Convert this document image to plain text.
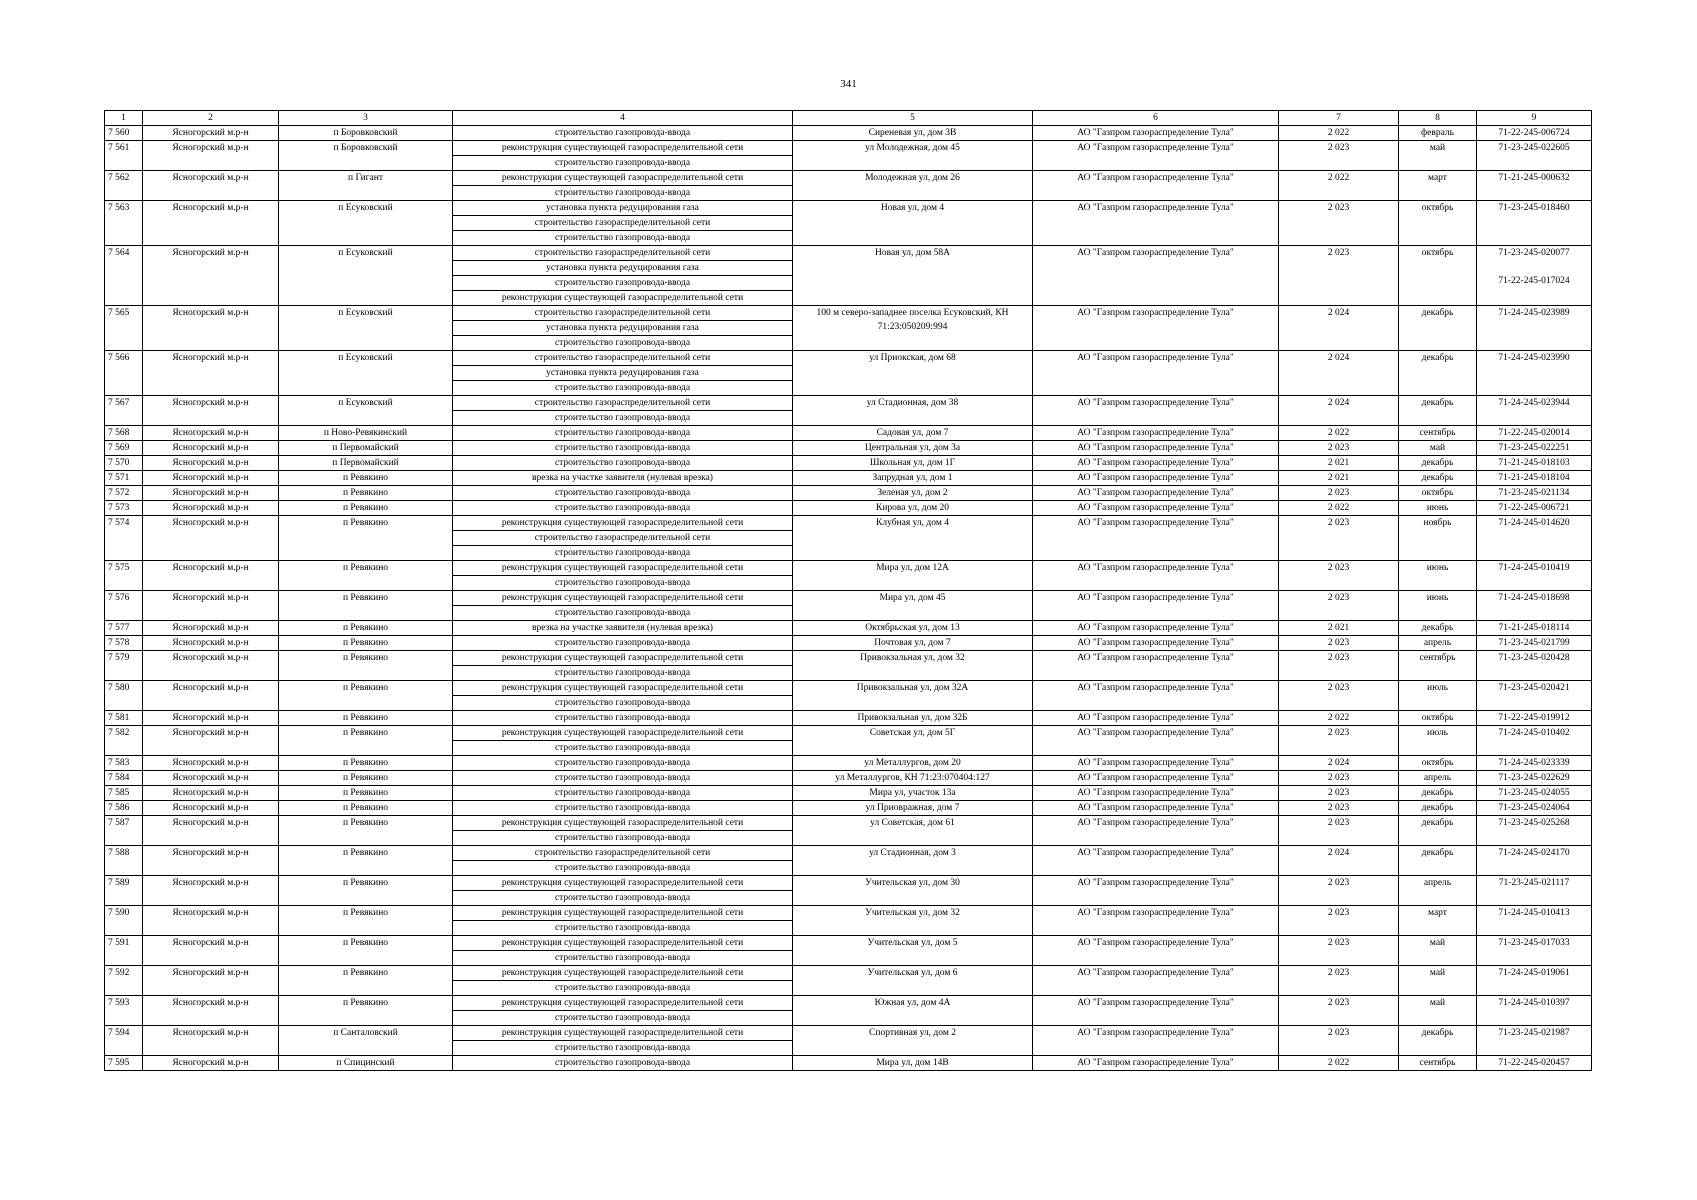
341
1	2	3	4	5	6	7	8	9
7 560	Ясногорский м.р-н	п Боровковский	строительство газопровода-ввода	Сиреневая ул, дом 3В	АО "Газпром газораспределение Тула"	2 022	февраль	71-22-245-006724

7 561	Ясногорский м.р-н	п Боровковский	реконструкция существующей газораспределительной сети
строительство газопровода-ввода	ул Молодежная, дом 45	АО "Газпром газораспределение Тула"	2 023	май	71-23-245-022605

7 562	Ясногорский м.р-н	п Гигант	реконструкция существующей газораспределительной сети
строительство газопровода-ввода	Молодежная ул, дом 26	АО "Газпром газораспределение Тула"	2 022	март	71-21-245-000632

7 563	Ясногорский м.р-н	п Есуковский	установка пункта редуцирования газа
строительство газораспределительной сети
строительство газопровода-ввода	Новая ул, дом 4	АО "Газпром газораспределение Тула"	2 023	октябрь	71-23-245-018460

7 564	Ясногорский м.р-н	п Есуковский	строительство газораспределительной сети
установка пункта редуцирования газа
строительство газопровода-ввода
реконструкция существующей газораспределительной сети	Новая ул, дом 58А	АО "Газпром газораспределение Тула"	2 023	октябрь	71-23-245-020077
71-22-245-017024

7 565	Ясногорский м.р-н	п Есуковский	строительство газораспределительной сети
установка пункта редуцирования газа
строительство газопровода-ввода	100 м северо-западнее поселка Есуковский, КН 71:23:050209:994	АО "Газпром газораспределение Тула"	2 024	декабрь	71-24-245-023989

7 566	Ясногорский м.р-н	п Есуковский	строительство газораспределительной сети
установка пункта редуцирования газа
строительство газопровода-ввода	ул Приокская, дом 68	АО "Газпром газораспределение Тула"	2 024	декабрь	71-24-245-023990

7 567	Ясногорский м.р-н	п Есуковский	строительство газораспределительной сети
строительство газопровода-ввода	ул Стадионная, дом 38	АО "Газпром газораспределение Тула"	2 024	декабрь	71-24-245-023944

7 568	Ясногорский м.р-н	п Ново-Ревякинский	строительство газопровода-ввода	Садовая ул, дом 7	АО "Газпром газораспределение Тула"	2 022	сентябрь	71-22-245-020014

7 569	Ясногорский м.р-н	п Первомайский	строительство газопровода-ввода	Центральная ул, дом 3а	АО "Газпром газораспределение Тула"	2 023	май	71-23-245-022251

7 570	Ясногорский м.р-н	п Первомайский	строительство газопровода-ввода	Школьная ул, дом 1Г	АО "Газпром газораспределение Тула"	2 021	декабрь	71-21-245-018103

7 571	Ясногорский м.р-н	п Ревякино	врезка на участке заявителя (нулевая врезка)	Запрудная ул, дом 1	АО "Газпром газораспределение Тула"	2 021	декабрь	71-21-245-018104

7 572	Ясногорский м.р-н	п Ревякино	строительство газопровода-ввода	Зеленая ул, дом 2	АО "Газпром газораспределение Тула"	2 023	октябрь	71-23-245-021134

7 573	Ясногорский м.р-н	п Ревякино	строительство газопровода-ввода	Кирова ул, дом 20	АО "Газпром газораспределение Тула"	2 022	июнь	71-22-245-006721

7 574	Ясногорский м.р-н	п Ревякино	реконструкция существующей газораспределительной сети
строительство газораспределительной сети
строительство газопровода-ввода	Клубная ул, дом 4	АО "Газпром газораспределение Тула"	2 023	ноябрь	71-24-245-014620

7 575	Ясногорский м.р-н	п Ревякино	реконструкция существующей газораспределительной сети
строительство газопровода-ввода	Мира ул, дом 12А	АО "Газпром газораспределение Тула"	2 023	июнь	71-24-245-010419

7 576	Ясногорский м.р-н	п Ревякино	реконструкция существующей газораспределительной сети
строительство газопровода-ввода	Мира ул, дом 45	АО "Газпром газораспределение Тула"	2 023	июнь	71-24-245-018698

7 577	Ясногорский м.р-н	п Ревякино	врезка на участке заявителя (нулевая врезка)	Октябрьская ул, дом 13	АО "Газпром газораспределение Тула"	2 021	декабрь	71-21-245-018114

7 578	Ясногорский м.р-н	п Ревякино	строительство газопровода-ввода	Почтовая ул, дом 7	АО "Газпром газораспределение Тула"	2 023	апрель	71-23-245-021799

7 579	Ясногорский м.р-н	п Ревякино	реконструкция существующей газораспределительной сети
строительство газопровода-ввода	Привокзальная ул, дом 32	АО "Газпром газораспределение Тула"	2 023	сентябрь	71-23-245-020428

7 580	Ясногорский м.р-н	п Ревякино	реконструкция существующей газораспределительной сети
строительство газопровода-ввода	Привокзальная ул, дом 32А	АО "Газпром газораспределение Тула"	2 023	июль	71-23-245-020421

7 581	Ясногорский м.р-н	п Ревякино	строительство газопровода-ввода	Привокзальная ул, дом 32Б	АО "Газпром газораспределение Тула"	2 022	октябрь	71-22-245-019912

7 582	Ясногорский м.р-н	п Ревякино	реконструкция существующей газораспределительной сети
строительство газопровода-ввода	Советская ул, дом 5Г	АО "Газпром газораспределение Тула"	2 023	июль	71-24-245-010402

7 583	Ясногорский м.р-н	п Ревякино	строительство газопровода-ввода	ул Металлургов, дом 20	АО "Газпром газораспределение Тула"	2 024	октябрь	71-24-245-023339

7 584	Ясногорский м.р-н	п Ревякино	строительство газопровода-ввода	ул Металлургов, КН 71:23:070404:127	АО "Газпром газораспределение Тула"	2 023	апрель	71-23-245-022629

7 585	Ясногорский м.р-н	п Ревякино	строительство газопровода-ввода	Мира ул, участок 13а	АО "Газпром газораспределение Тула"	2 023	декабрь	71-23-245-024055

7 586	Ясногорский м.р-н	п Ревякино	строительство газопровода-ввода	ул Приовражная, дом 7	АО "Газпром газораспределение Тула"	2 023	декабрь	71-23-245-024064

7 587	Ясногорский м.р-н	п Ревякино	реконструкция существующей газораспределительной сети
строительство газопровода-ввода	ул Советская, дом 61	АО "Газпром газораспределение Тула"	2 023	декабрь	71-23-245-025268

7 588	Ясногорский м.р-н	п Ревякино	строительство газораспределительной сети
строительство газопровода-ввода	ул Стадионная, дом 3	АО "Газпром газораспределение Тула"	2 024	декабрь	71-24-245-024170

7 589	Ясногорский м.р-н	п Ревякино	реконструкция существующей газораспределительной сети
строительство газопровода-ввода	Учительская ул, дом 30	АО "Газпром газораспределение Тула"	2 023	апрель	71-23-245-021117

7 590	Ясногорский м.р-н	п Ревякино	реконструкция существующей газораспределительной сети
строительство газопровода-ввода	Учительская ул, дом 32	АО "Газпром газораспределение Тула"	2 023	март	71-24-245-010413

7 591	Ясногорский м.р-н	п Ревякино	реконструкция существующей газораспределительной сети
строительство газопровода-ввода	Учительская ул, дом 5	АО "Газпром газораспределение Тула"	2 023	май	71-23-245-017033

7 592	Ясногорский м.р-н	п Ревякино	реконструкция существующей газораспределительной сети
строительство газопровода-ввода	Учительская ул, дом 6	АО "Газпром газораспределение Тула"	2 023	май	71-24-245-019061

7 593	Ясногорский м.р-н	п Ревякино	реконструкция существующей газораспределительной сети
строительство газопровода-ввода	Южная ул, дом 4А	АО "Газпром газораспределение Тула"	2 023	май	71-24-245-010397

7 594	Ясногорский м.р-н	п Санталовский	реконструкция существующей газораспределительной сети
строительство газопровода-ввода	Спортивная ул, дом 2	АО "Газпром газораспределение Тула"	2 023	декабрь	71-23-245-021987

7 595	Ясногорский м.р-н	п Спицинский	строительство газопровода-ввода	Мира ул, дом 14В	АО "Газпром газораспределение Тула"	2 022	сентябрь	71-22-245-020457
